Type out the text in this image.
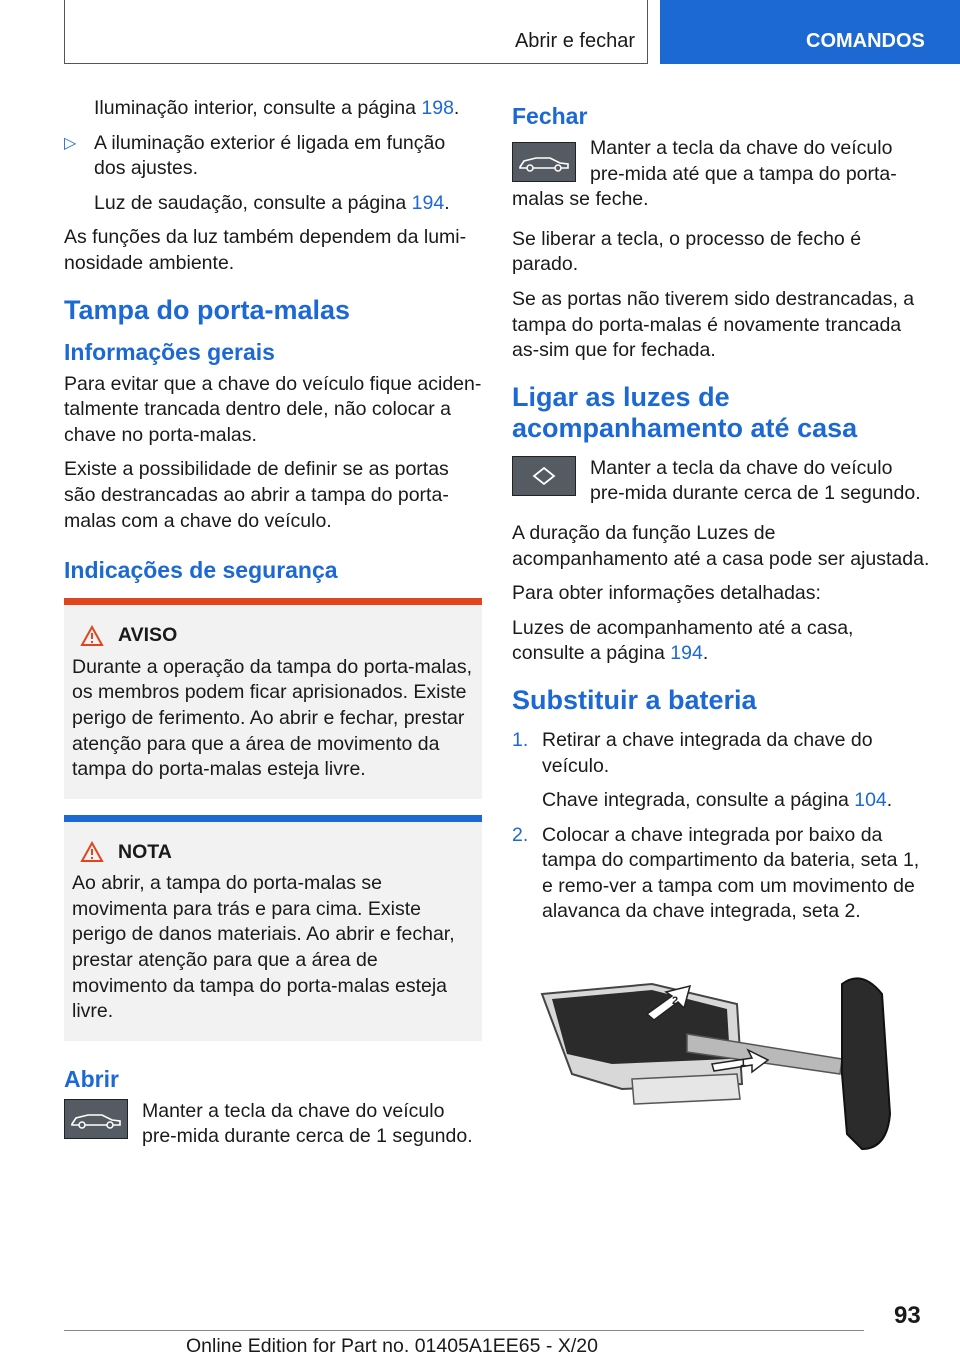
Abrir e fechar	COMANDOS

Iluminação interior, consulte a página 198.

▷ A iluminação exterior é ligada em função dos ajustes.

Luz de saudação, consulte a página 194.

As funções da luz também dependem da lumi-nosidade ambiente.

Tampa do porta-malas
Informações gerais

Para evitar que a chave do veículo fique aciden-talmente trancada dentro dele, não colocar a chave no porta-malas.

Existe a possibilidade de definir se as portas são destrancadas ao abrir a tampa do porta-malas com a chave do veículo.

Indicações de segurança
AVISO
Durante a operação da tampa do porta-malas, os membros podem ficar aprisionados. Existe perigo de ferimento. Ao abrir e fechar, prestar atenção para que a área de movimento da tampa do porta-malas esteja livre.
NOTA
Ao abrir, a tampa do porta-malas se movimenta para trás e para cima. Existe perigo de danos materiais. Ao abrir e fechar, prestar atenção para que a área de movimento da tampa do porta-malas esteja livre.
Abrir
Manter a tecla da chave do veículo pre-mida durante cerca de 1 segundo.
Fechar
Manter a tecla da chave do veículo pre-mida até que a tampa do porta-malas se feche.

Se liberar a tecla, o processo de fecho é parado.

Se as portas não tiverem sido destrancadas, a tampa do porta-malas é novamente trancada as-sim que for fechada.

Ligar as luzes de acompanhamento até casa
Manter a tecla da chave do veículo pre-mida durante cerca de 1 segundo.

A duração da função Luzes de acompanhamento até a casa pode ser ajustada.

Para obter informações detalhadas:

Luzes de acompanhamento até a casa, consulte a página 194.

Substituir a bateria
1. Retirar a chave integrada da chave do veículo.

Chave integrada, consulte a página 104.

2. Colocar a chave integrada por baixo da tampa do compartimento da bateria, seta 1, e remo-ver a tampa com um movimento de alavanca da chave integrada, seta 2.
1
2
93
Online Edition for Part no. 01405A1EE65 - X/20
